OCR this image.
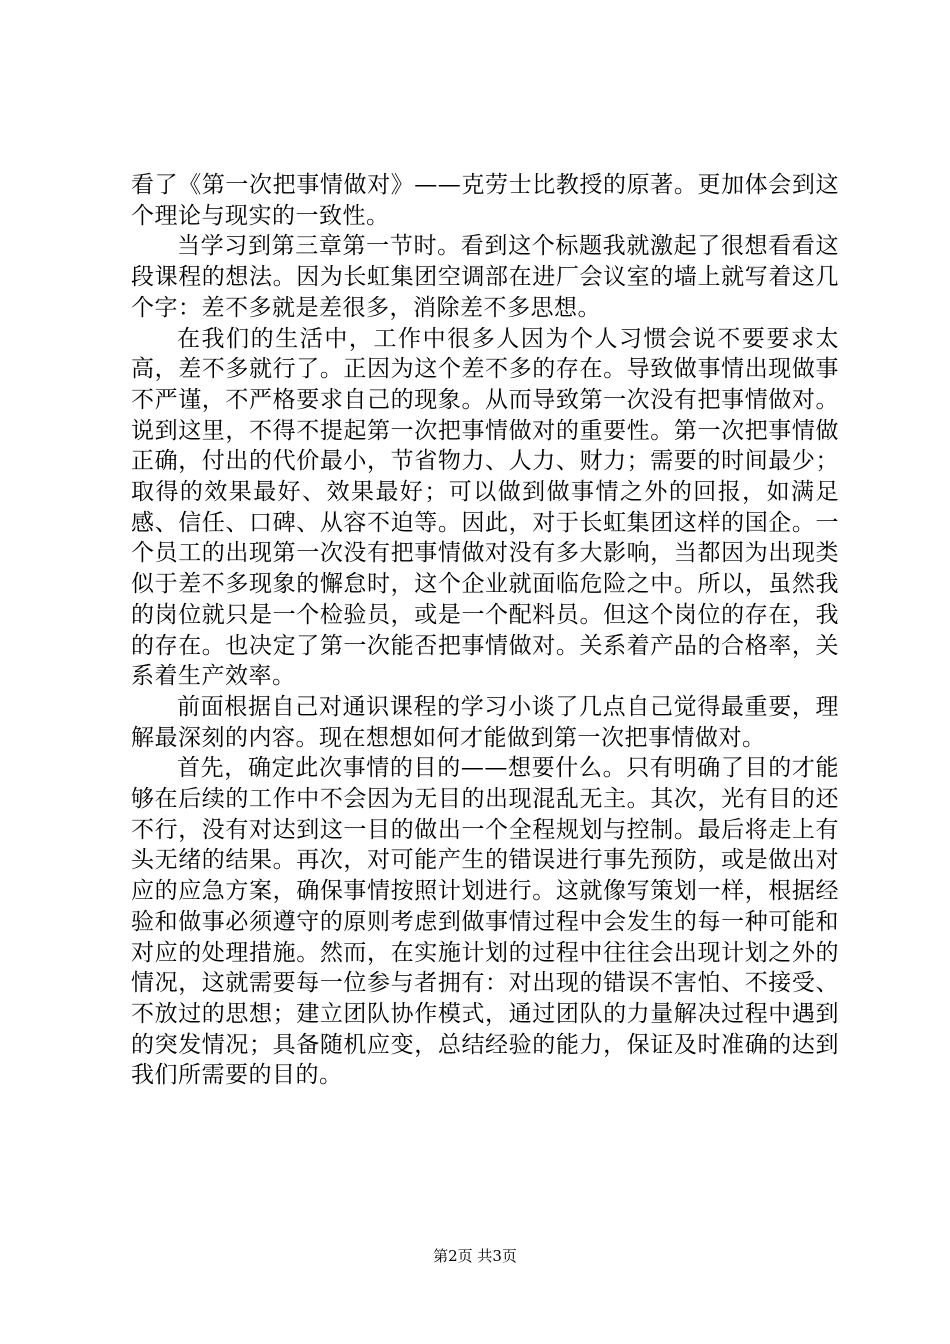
看了《第一次把事情做对》——克劳士比教授的原著。更加体会到这个理论与现实的一致性。

当学习到第三章第一节时。看到这个标题我就激起了很想看看这段课程的想法。因为长虹集团空调部在进厂会议室的墙上就写着这几个字：差不多就是差很多，消除差不多思想。

在我们的生活中，工作中很多人因为个人习惯会说不要要求太高，差不多就行了。正因为这个差不多的存在。导致做事情出现做事不严谨，不严格要求自己的现象。从而导致第一次没有把事情做对。说到这里，不得不提起第一次把事情做对的重要性。第一次把事情做正确，付出的代价最小，节省物力、人力、财力；需要的时间最少；取得的效果最好、效果最好；可以做到做事情之外的回报，如满足感、信任、口碑、从容不迫等。因此，对于长虹集团这样的国企。一个员工的出现第一次没有把事情做对没有多大影响，当都因为出现类似于差不多现象的懈怠时，这个企业就面临危险之中。所以，虽然我的岗位就只是一个检验员，或是一个配料员。但这个岗位的存在，我的存在。也决定了第一次能否把事情做对。关系着产品的合格率，关系着生产效率。

前面根据自己对通识课程的学习小谈了几点自己觉得最重要，理解最深刻的内容。现在想想如何才能做到第一次把事情做对。

首先，确定此次事情的目的——想要什么。只有明确了目的才能够在后续的工作中不会因为无目的出现混乱无主。其次，光有目的还不行，没有对达到这一目的做出一个全程规划与控制。最后将走上有头无绪的结果。再次，对可能产生的错误进行事先预防，或是做出对应的应急方案，确保事情按照计划进行。这就像写策划一样，根据经验和做事必须遵守的原则考虑到做事情过程中会发生的每一种可能和对应的处理措施。然而，在实施计划的过程中往往会出现计划之外的情况，这就需要每一位参与者拥有：对出现的错误不害怕、不接受、不放过的思想；建立团队协作模式，通过团队的力量解决过程中遇到的突发情况；具备随机应变，总结经验的能力，保证及时准确的达到我们所需要的目的。

第2页 共3页
